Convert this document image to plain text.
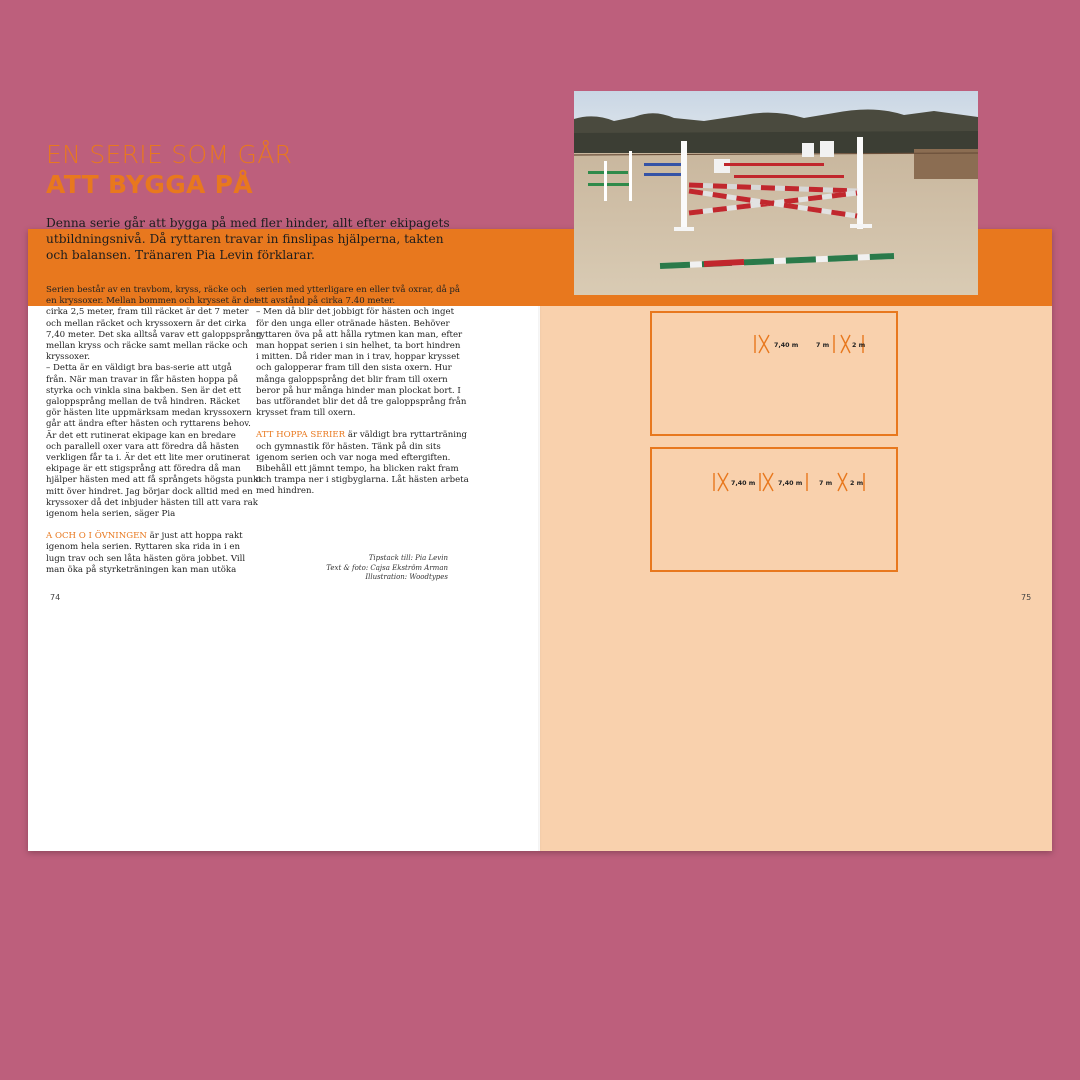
EN SERIE SOM GÅR
ATT BYGGA PÅ
Denna serie går att bygga på med fler hinder, allt efter ekipagets
utbildningsnivå. Då ryttaren travar in finslipas hjälperna, takten
och balansen. Tränaren Pia Levin förklarar.
Serien består av en travbom, kryss, räcke och
en kryssoxer. Mellan bommen och krysset är det
cirka 2,5 meter, fram till räcket är det 7 meter
och mellan räcket och kryssoxern är det cirka
7,40 meter. Det ska alltså varav ett galoppsprång
mellan kryss och räcke samt mellan räcke och
kryssoxer.
– Detta är en väldigt bra bas-serie att utgå
från. När man travar in får hästen hoppa på
styrka och vinkla sina bakben. Sen är det ett
galoppsprång mellan de två hindren. Räcket
gör hästen lite uppmärksam medan kryssoxern
går att ändra efter hästen och ryttarens behov.
Är det ett rutinerat ekipage kan en bredare
och parallell oxer vara att föredra då hästen
verkligen får ta i. Är det ett lite mer orutinerat
ekipage är ett stigsprång att föredra då man
hjälper hästen med att få språngets högsta punkt
mitt över hindret. Jag börjar dock alltid med en
kryssoxer då det inbjuder hästen till att vara rak
igenom hela serien, säger Pia
A OCH O I ÖVNINGEN är just att hoppa rakt
igenom hela serien. Ryttaren ska rida in i en
lugn trav och sen låta hästen göra jobbet. Vill
man öka på styrketräningen kan man utöka
serien med ytterligare en eller två oxrar, då på
ett avstånd på cirka 7.40 meter.
– Men då blir det jobbigt för hästen och inget
för den unga eller otränade hästen. Behöver
ryttaren öva på att hålla rytmen kan man, efter
man hoppat serien i sin helhet, ta bort hindren
i mitten. Då rider man in i trav, hoppar krysset
och galopperar fram till den sista oxern. Hur
många galoppsprång det blir fram till oxern
beror på hur många hinder man plockat bort. I
bas utförandet blir det då tre galoppsprång från
krysset fram till oxern.
ATT HOPPA SERIER är väldigt bra ryttarträning
och gymnastik för hästen. Tänk på din sits
igenom serien och var noga med eftergiften.
Bibehåll ett jämnt tempo, ha blicken rakt fram
och trampa ner i stigbyglarna. Låt hästen arbeta
med hindren.
Tipstack till: Pia Levin
Text & foto: Cajsa Ekström Arman
Illustration: Woodtypes
74	75
7,40 m	7 m	2 m
7,40 m	7,40 m	7 m	2 m
